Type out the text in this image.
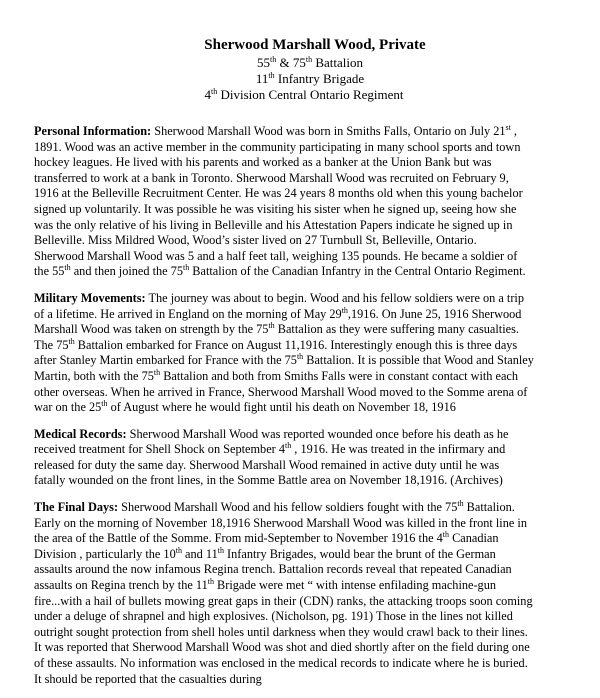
Sherwood Marshall Wood, Private
55th & 75th Battalion
11th Infantry Brigade
4th Division Central Ontario Regiment
Personal Information: Sherwood Marshall Wood was born in Smiths Falls, Ontario on July 21st ,
1891. Wood was an active member in the community participating in many school sports and town
hockey leagues. He lived with his parents and worked as a banker at the Union Bank but was
transferred to work at a bank in Toronto. Sherwood Marshall Wood was recruited on February 9,
1916 at the Belleville Recruitment Center. He was 24 years 8 months old when this young bachelor
signed up voluntarily. It was possible he was visiting his sister when he signed up, seeing how she
was the only relative of his living in Belleville and his Attestation Papers indicate he signed up in
Belleville. Miss Mildred Wood, Wood’s sister lived on 27 Turnbull St, Belleville, Ontario.
Sherwood Marshall Wood was 5 and a half feet tall, weighing 135 pounds. He became a soldier of
the 55th and then joined the 75th Battalion of the Canadian Infantry in the Central Ontario Regiment.
Military Movements: The journey was about to begin. Wood and his fellow soldiers were on a trip
of a lifetime. He arrived in England on the morning of May 29th,1916. On June 25, 1916 Sherwood
Marshall Wood was taken on strength by the 75th Battalion as they were suffering many casualties.
The 75th Battalion embarked for France on August 11,1916. Interestingly enough this is three days
after Stanley Martin embarked for France with the 75th Battalion. It is possible that Wood and Stanley
Martin, both with the 75th Battalion and both from Smiths Falls were in constant contact with each
other overseas. When he arrived in France, Sherwood Marshall Wood moved to the Somme arena of
war on the 25th of August where he would fight until his death on November 18, 1916
Medical Records: Sherwood Marshall Wood was reported wounded once before his death as he
received treatment for Shell Shock on September 4th , 1916. He was treated in the infirmary and
released for duty the same day. Sherwood Marshall Wood remained in active duty until he was
fatally wounded on the front lines, in the Somme Battle area on November 18,1916. (Archives)
The Final Days: Sherwood Marshall Wood and his fellow soldiers fought with the 75th Battalion.
Early on the morning of November 18,1916 Sherwood Marshall Wood was killed in the front line in
the area of the Battle of the Somme. From mid-September to November 1916 the 4th Canadian
Division , particularly the 10th and 11th Infantry Brigades, would bear the brunt of the German
assaults around the now infamous Regina trench. Battalion records reveal that repeated Canadian
assaults on Regina trench by the 11th Brigade were met “ with intense enfilading machine-gun
fire...with a hail of bullets mowing great gaps in their (CDN) ranks, the attacking troops soon coming
under a deluge of shrapnel and high explosives. (Nicholson, pg. 191) Those in the lines not killed
outright sought protection from shell holes until darkness when they would crawl back to their lines.
It was reported that Sherwood Marshall Wood was shot and died shortly after on the field during one
of these assaults. No information was enclosed in the medical records to indicate where he is buried.
It should be reported that the casualties during
